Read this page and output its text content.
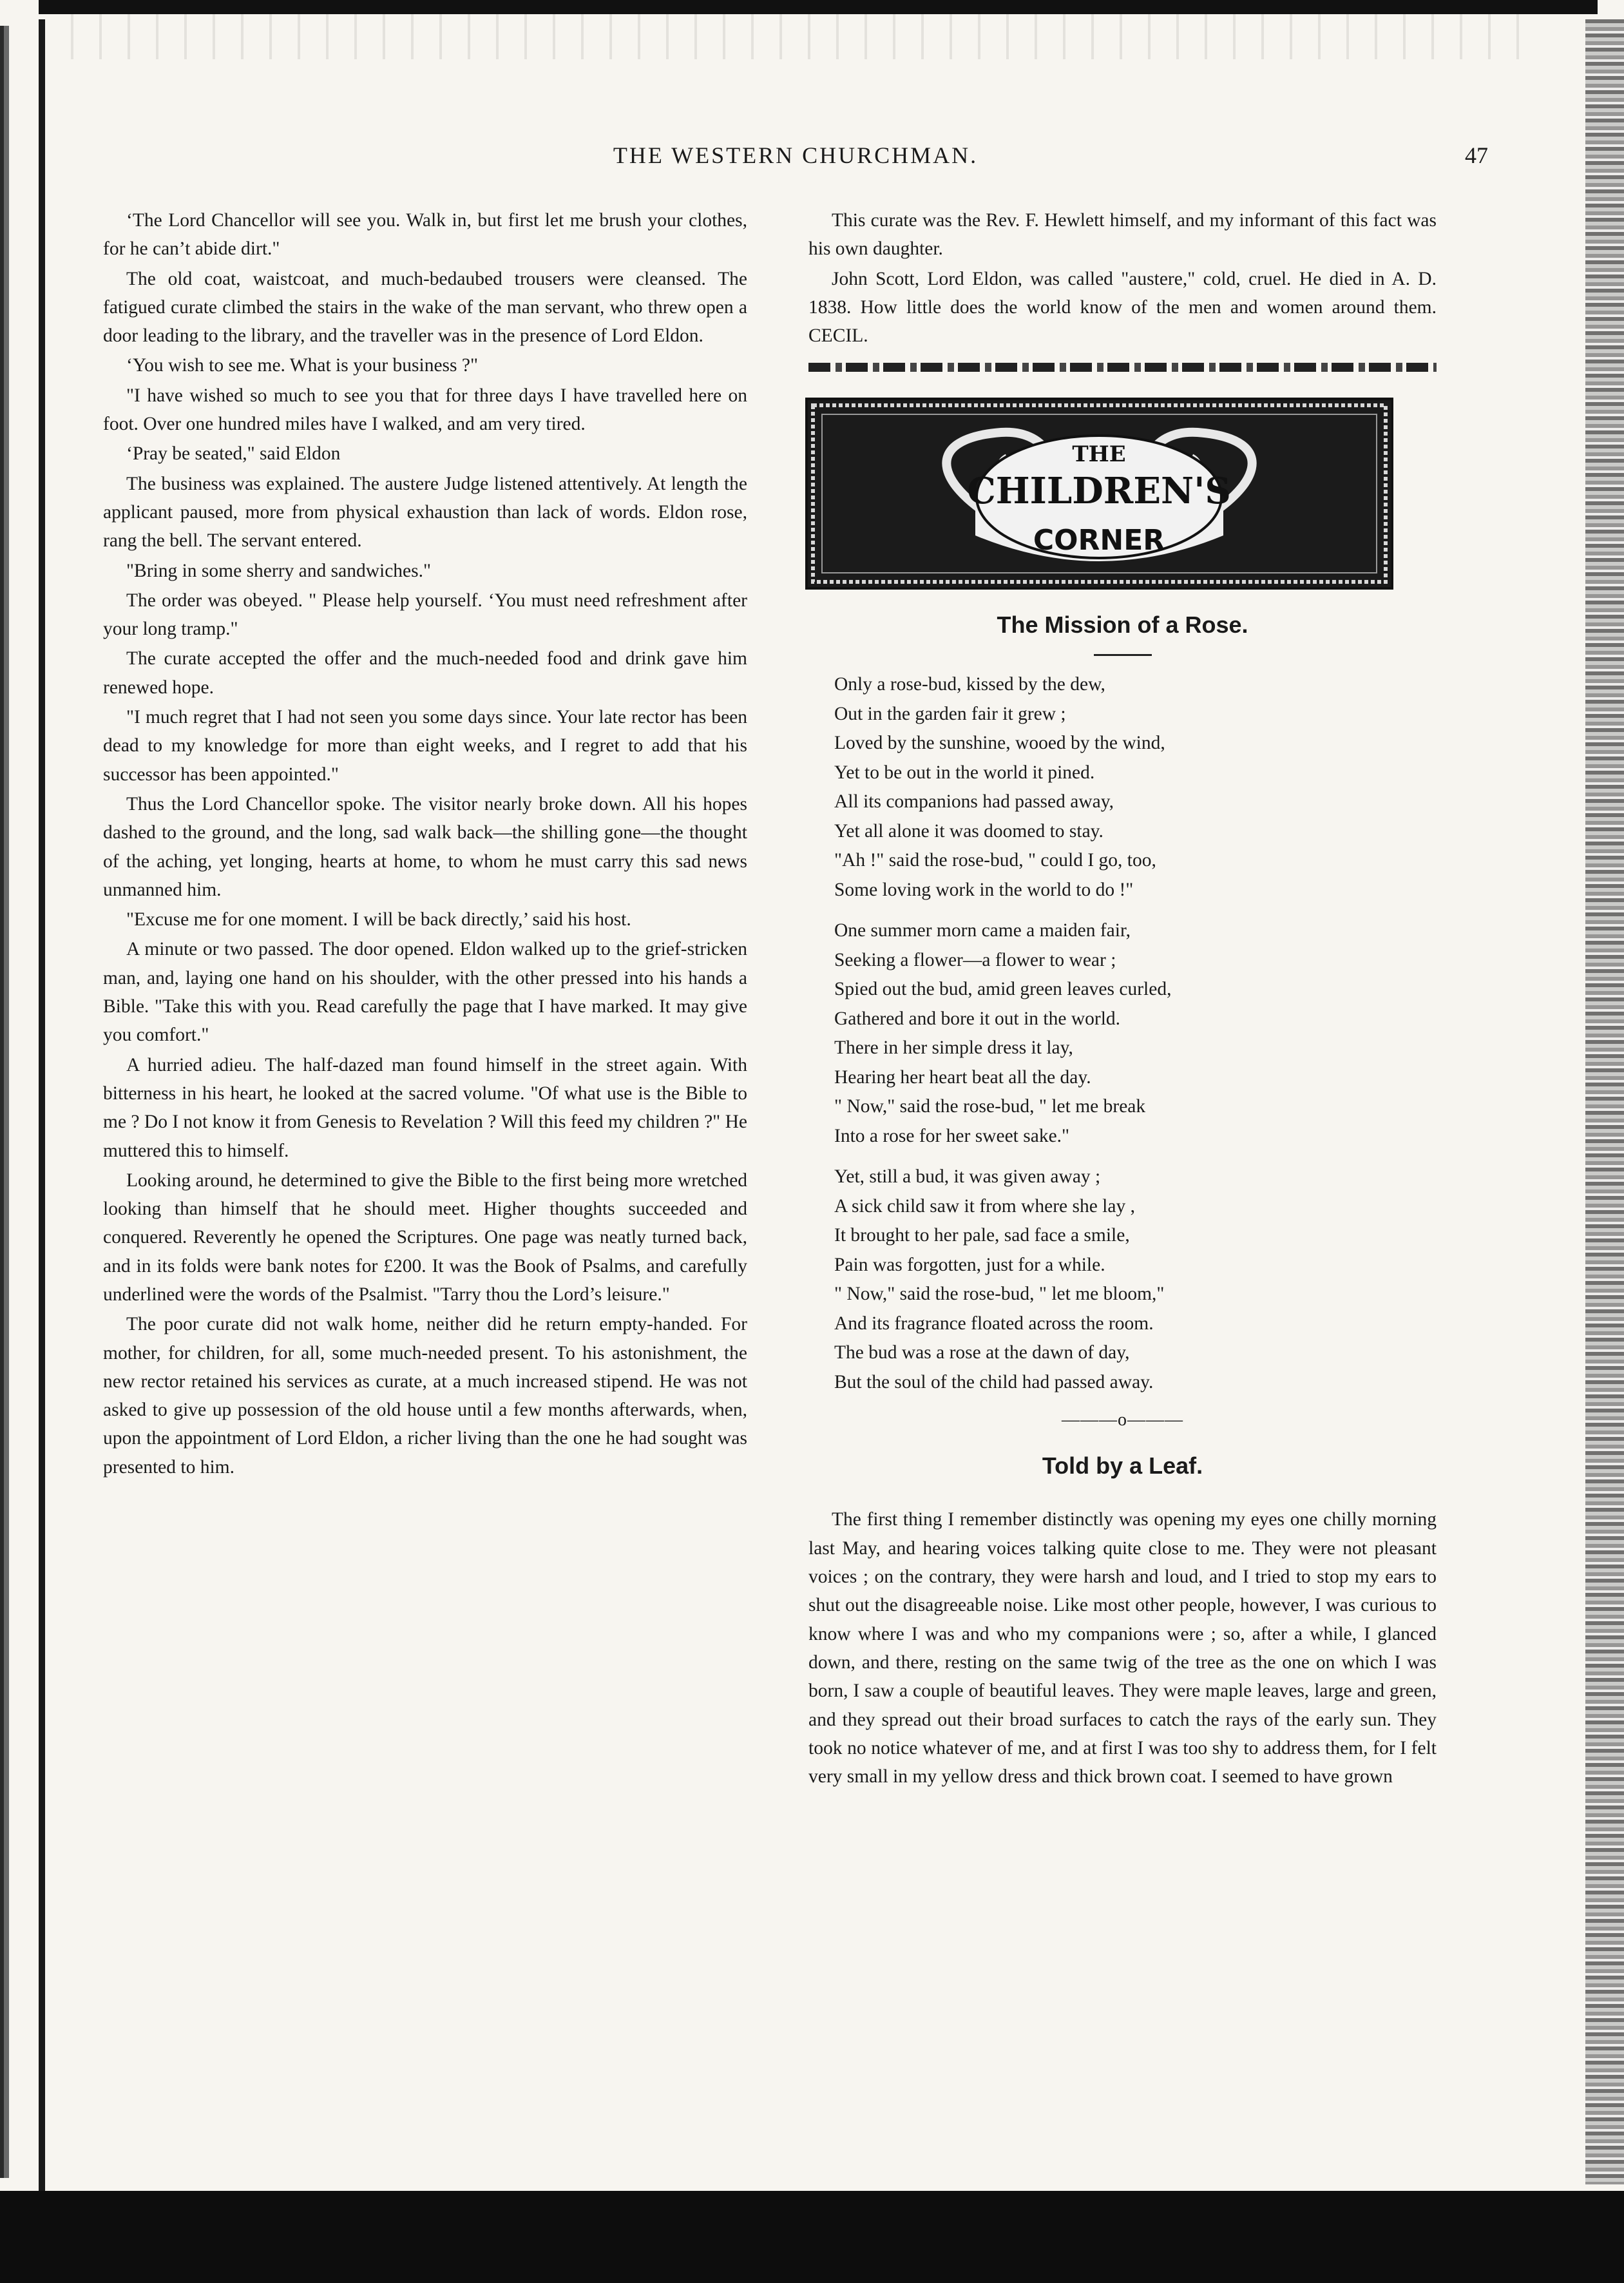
THE WESTERN CHURCHMAN.	47

‘The Lord Chancellor will see you. Walk in, but first let me brush your clothes, for he can’t abide dirt."

The old coat, waistcoat, and much-bedaubed trousers were cleansed. The fatigued curate climbed the stairs in the wake of the man servant, who threw open a door leading to the library, and the traveller was in the presence of Lord Eldon.

‘You wish to see me. What is your business ?"

"I have wished so much to see you that for three days I have travelled here on foot. Over one hundred miles have I walked, and am very tired.

‘Pray be seated," said Eldon

The business was explained. The austere Judge listened attentively. At length the applicant paused, more from physical exhaustion than lack of words. Eldon rose, rang the bell. The servant entered.

"Bring in some sherry and sandwiches."

The order was obeyed. " Please help yourself. ‘You must need refreshment after your long tramp."

The curate accepted the offer and the much-needed food and drink gave him renewed hope.

"I much regret that I had not seen you some days since. Your late rector has been dead to my knowledge for more than eight weeks, and I regret to add that his successor has been appointed."

Thus the Lord Chancellor spoke. The visitor nearly broke down. All his hopes dashed to the ground, and the long, sad walk back—the shilling gone—the thought of the aching, yet longing, hearts at home, to whom he must carry this sad news unmanned him.

"Excuse me for one moment. I will be back directly,’ said his host.

A minute or two passed. The door opened. Eldon walked up to the grief-stricken man, and, laying one hand on his shoulder, with the other pressed into his hands a Bible. "Take this with you. Read carefully the page that I have marked. It may give you comfort."

A hurried adieu. The half-dazed man found himself in the street again. With bitterness in his heart, he looked at the sacred volume. "Of what use is the Bible to me ? Do I not know it from Genesis to Revelation ? Will this feed my children ?" He muttered this to himself.

Looking around, he determined to give the Bible to the first being more wretched looking than himself that he should meet. Higher thoughts succeeded and conquered. Reverently he opened the Scriptures. One page was neatly turned back, and in its folds were bank notes for £200. It was the Book of Psalms, and carefully underlined were the words of the Psalmist. "Tarry thou the Lord’s leisure."

The poor curate did not walk home, neither did he return empty-handed. For mother, for children, for all, some much-needed present. To his astonishment, the new rector retained his services as curate, at a much increased stipend. He was not asked to give up possession of the old house until a few months afterwards, when, upon the appointment of Lord Eldon, a richer living than the one he had sought was presented to him.

This curate was the Rev. F. Hewlett himself, and my informant of this fact was his own daughter.

John Scott, Lord Eldon, was called "austere," cold, cruel. He died in A. D. 1838. How little does the world know of the men and women around them. CECIL.

THE
CHILDREN'S
CORNER
The Mission of a Rose.
Only a rose-bud, kissed by the dew,
Out in the garden fair it grew ;
Loved by the sunshine, wooed by the wind,
Yet to be out in the world it pined.
All its companions had passed away,
Yet all alone it was doomed to stay.
"Ah !" said the rose-bud, " could I go, too,
Some loving work in the world to do !"
One summer morn came a maiden fair,
Seeking a flower—a flower to wear ;
Spied out the bud, amid green leaves curled,
Gathered and bore it out in the world.
There in her simple dress it lay,
Hearing her heart beat all the day.
" Now," said the rose-bud, " let me break
Into a rose for her sweet sake."
Yet, still a bud, it was given away ;
A sick child saw it from where she lay ,
It brought to her pale, sad face a smile,
Pain was forgotten, just for a while.
" Now," said the rose-bud, " let me bloom,"
And its fragrance floated across the room.
The bud was a rose at the dawn of day,
But the soul of the child had passed away.
———o———
Told by a Leaf.

The first thing I remember distinctly was opening my eyes one chilly morning last May, and hearing voices talking quite close to me. They were not pleasant voices ; on the contrary, they were harsh and loud, and I tried to stop my ears to shut out the disagreeable noise. Like most other people, however, I was curious to know where I was and who my companions were ; so, after a while, I glanced down, and there, resting on the same twig of the tree as the one on which I was born, I saw a couple of beautiful leaves. They were maple leaves, large and green, and they spread out their broad surfaces to catch the rays of the early sun. They took no notice whatever of me, and at first I was too shy to address them, for I felt very small in my yellow dress and thick brown coat. I seemed to have grown
